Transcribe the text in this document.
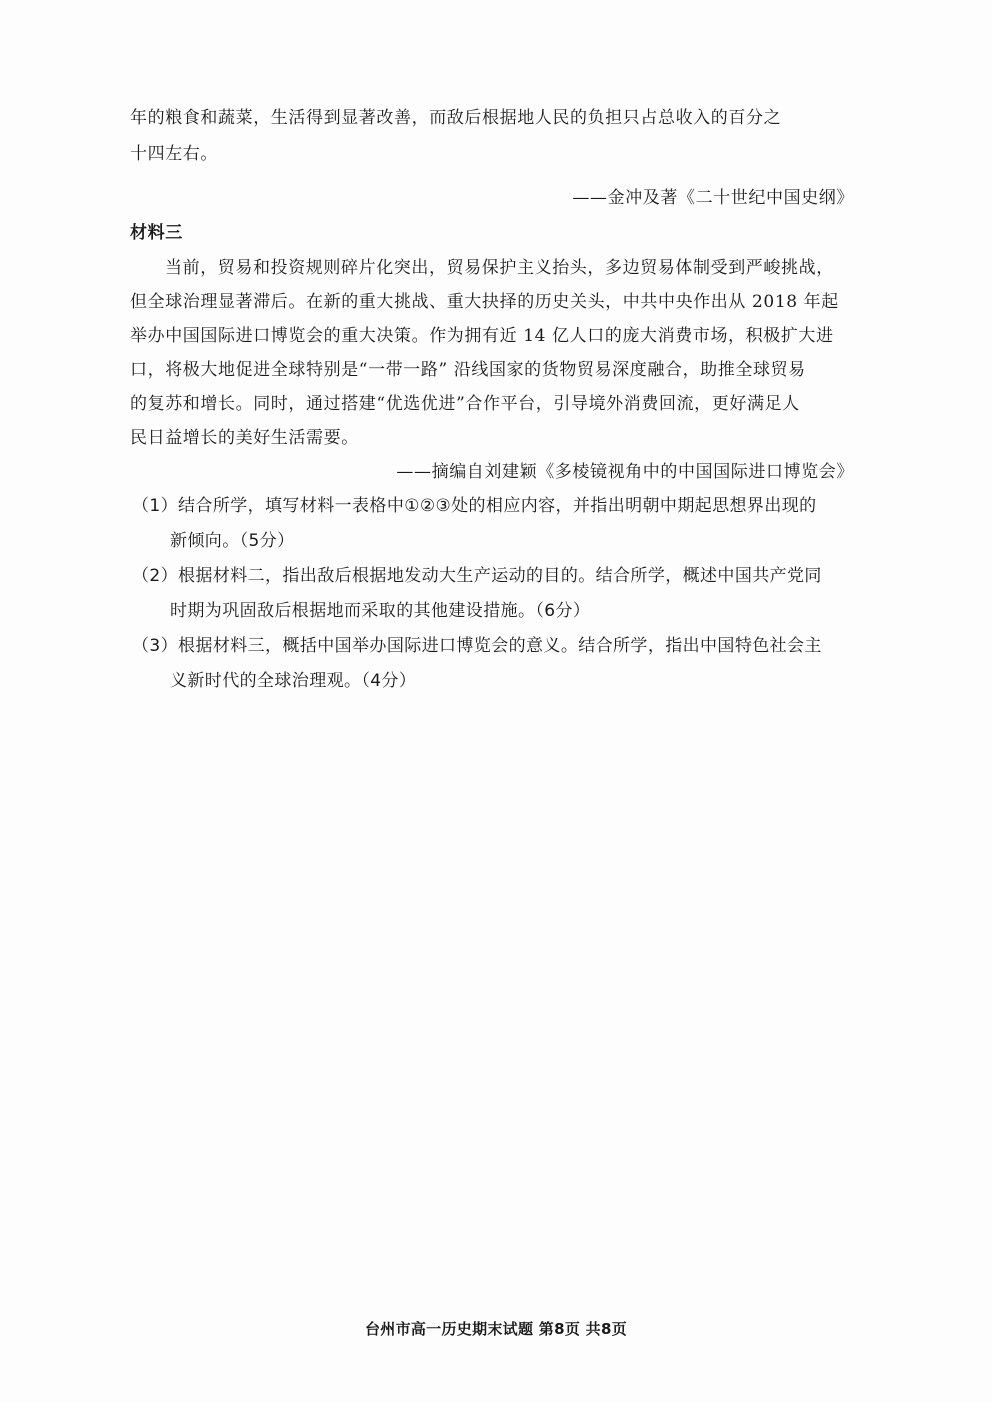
年的粮食和蔬菜，生活得到显著改善，而敌后根据地人民的负担只占总收入的百分之
十四左右。
——金冲及著《二十世纪中国史纲》
材料三
当前，贸易和投资规则碎片化突出，贸易保护主义抬头，多边贸易体制受到严峻挑战，
但全球治理显著滞后。在新的重大挑战、重大抉择的历史关头，中共中央作出从 2018 年起
举办中国国际进口博览会的重大决策。作为拥有近 14 亿人口的庞大消费市场，积极扩大进
口，将极大地促进全球特别是“一带一路” 沿线国家的货物贸易深度融合，助推全球贸易
的复苏和增长。同时，通过搭建“优选优进”合作平台，引导境外消费回流，更好满足人
民日益增长的美好生活需要。
——摘编自刘建颖《多棱镜视角中的中国国际进口博览会》
（1）结合所学，填写材料一表格中①②③处的相应内容，并指出明朝中期起思想界出现的
新倾向。（5分）
（2）根据材料二，指出敌后根据地发动大生产运动的目的。结合所学，概述中国共产党同
时期为巩固敌后根据地而采取的其他建设措施。（6分）
（3）根据材料三，概括中国举办国际进口博览会的意义。结合所学，指出中国特色社会主
义新时代的全球治理观。（4分）
台州市高一历史期末试题 第8页 共8页
